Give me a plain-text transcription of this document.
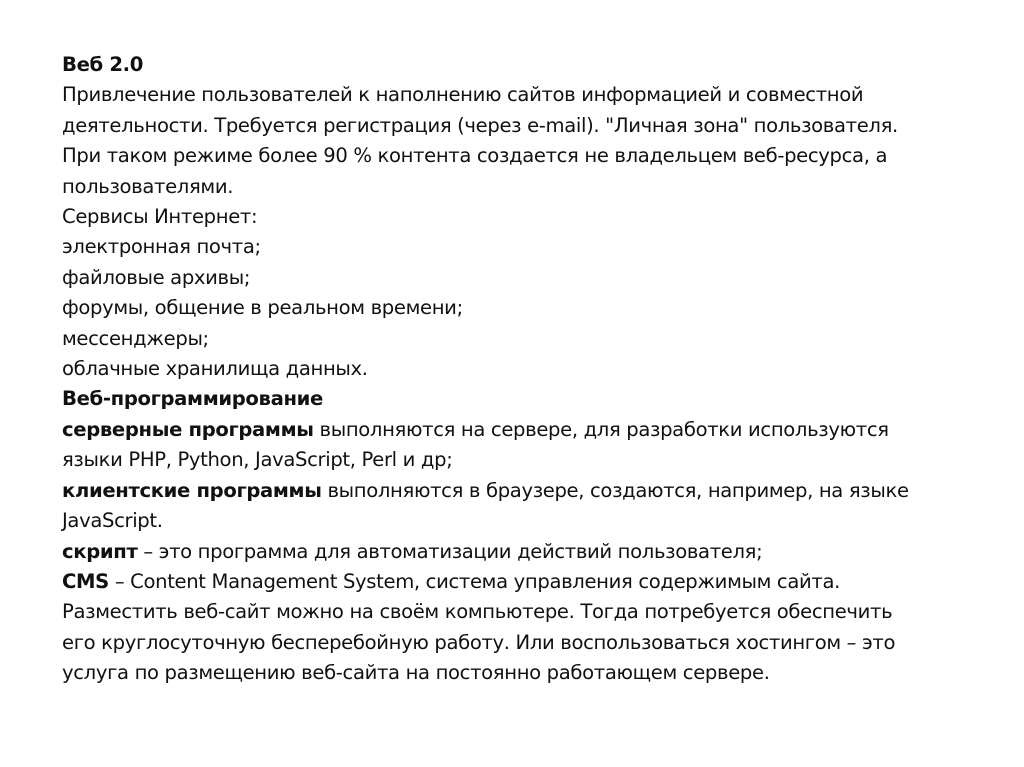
Веб 2.0
Привлечение пользователей к наполнению сайтов информацией и совместной
деятельности. Требуется регистрация (через e-mail). "Личная зона" пользователя.
При таком режиме более 90 % контента создается не владельцем веб-ресурса, а
пользователями.
Сервисы Интернет:
электронная почта;
файловые архивы;
форумы, общение в реальном времени;
мессенджеры;
облачные хранилища данных.
Веб-программирование
серверные программы выполняются на сервере, для разработки используются
языки PHP, Python, JavaScript, Perl и др;
клиентские программы выполняются в браузере, создаются, например, на языке
JavaScript.
скрипт – это программа для автоматизации действий пользователя;
CMS – Content Management System, система управления содержимым сайта.
Разместить веб-сайт можно на своём компьютере. Тогда потребуется обеспечить
его круглосуточную бесперебойную работу. Или воспользоваться хостингом – это
услуга по размещению веб-сайта на постоянно работающем сервере.
